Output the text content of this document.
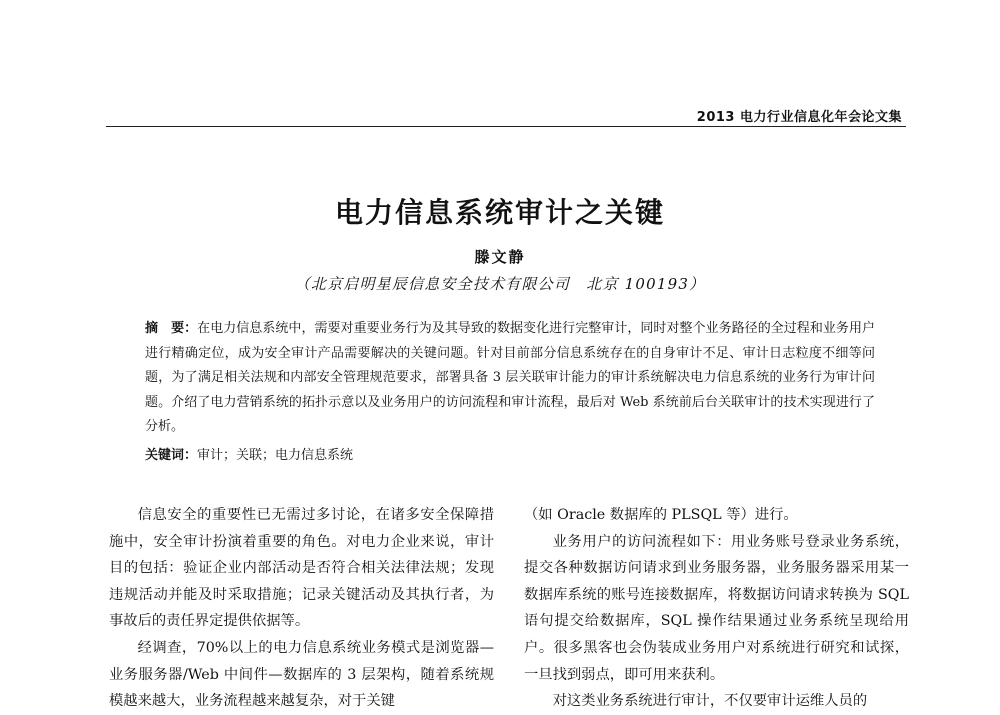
2013 电力行业信息化年会论文集
电力信息系统审计之关键
滕文静
（北京启明星辰信息安全技术有限公司　北京 100193）
摘　要：在电力信息系统中，需要对重要业务行为及其导致的数据变化进行完整审计，同时对整个业务路径的全过程和业务用户进行精确定位，成为安全审计产品需要解决的关键问题。针对目前部分信息系统存在的自身审计不足、审计日志粒度不细等问题，为了满足相关法规和内部安全管理规范要求，部署具备 3 层关联审计能力的审计系统解决电力信息系统的业务行为审计问题。介绍了电力营销系统的拓扑示意以及业务用户的访问流程和审计流程，最后对 Web 系统前后台关联审计的技术实现进行了分析。
关键词：审计；关联；电力信息系统

信息安全的重要性已无需过多讨论，在诸多安全保障措施中，安全审计扮演着重要的角色。对电力企业来说，审计目的包括：验证企业内部活动是否符合相关法律法规；发现违规活动并能及时采取措施；记录关键活动及其执行者，为事故后的责任界定提供依据等。

经调查，70%以上的电力信息系统业务模式是浏览器—业务服务器/Web 中间件—数据库的 3 层架构，随着系统规模越来越大，业务流程越来越复杂，对于关键

（如 Oracle 数据库的 PLSQL 等）进行。

业务用户的访问流程如下：用业务账号登录业务系统，提交各种数据访问请求到业务服务器，业务服务器采用某一数据库系统的账号连接数据库，将数据访问请求转换为 SQL 语句提交给数据库，SQL 操作结果通过业务系统呈现给用户。很多黑客也会伪装成业务用户对系统进行研究和试探，一旦找到弱点，即可用来获利。

对这类业务系统进行审计，不仅要审计运维人员的
